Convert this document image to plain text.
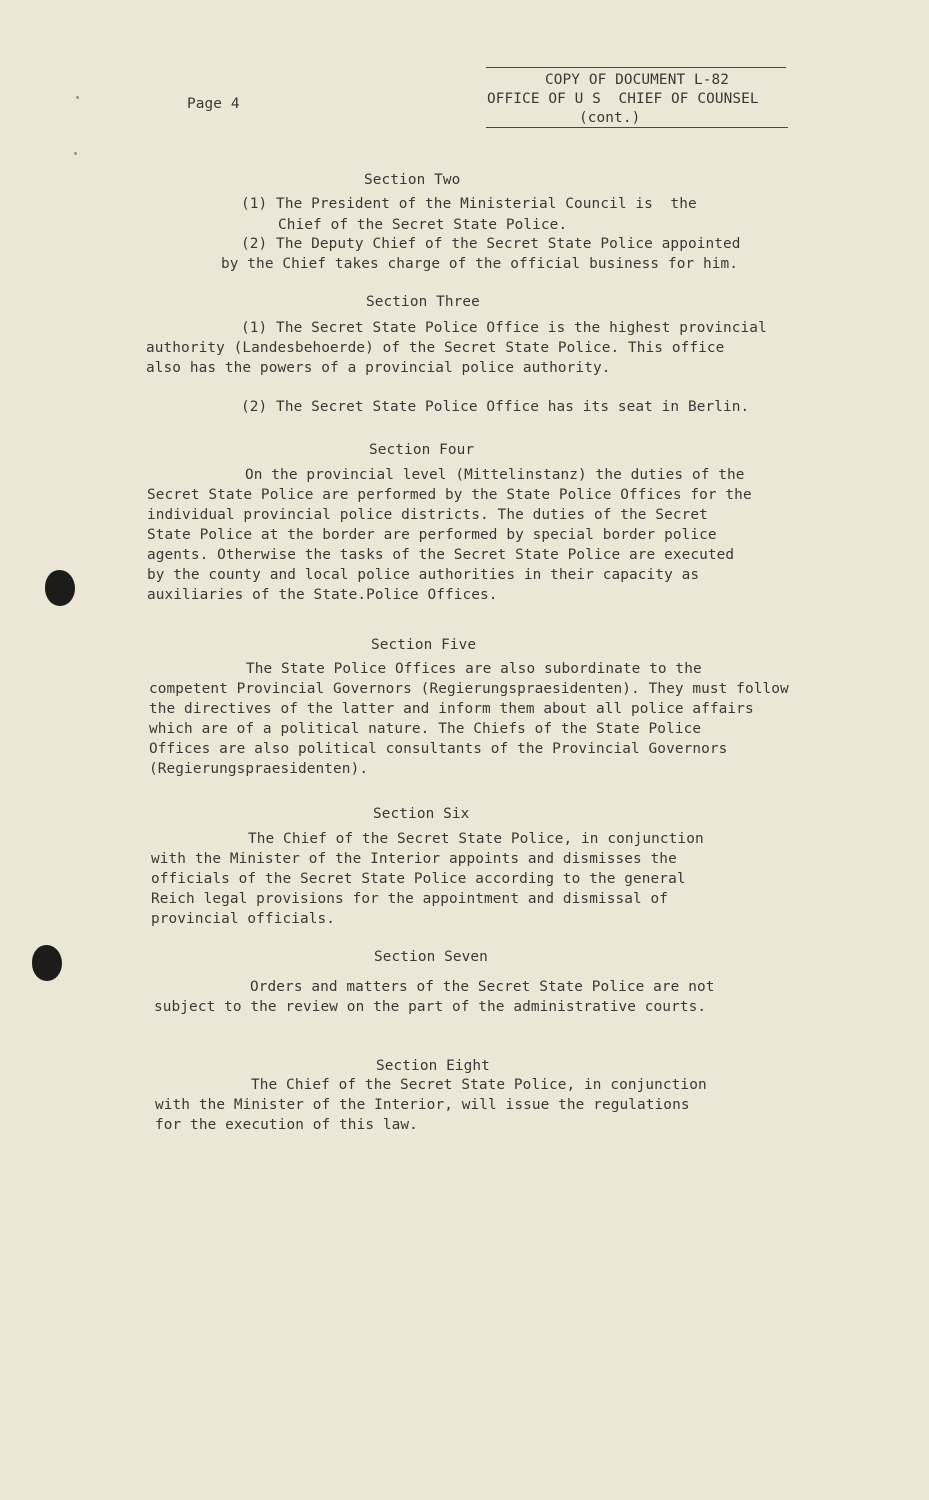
Page 4
COPY OF DOCUMENT L-82
OFFICE OF U S  CHIEF OF COUNSEL
(cont.)
Section Two
(1) The President of the Ministerial Council is  the
Chief of the Secret State Police.
(2) The Deputy Chief of the Secret State Police appointed
by the Chief takes charge of the official business for him.
Section Three
(1) The Secret State Police Office is the highest provincial
authority (Landesbehoerde) of the Secret State Police. This office
also has the powers of a provincial police authority.
(2) The Secret State Police Office has its seat in Berlin.
Section Four
On the provincial level (Mittelinstanz) the duties of the
Secret State Police are performed by the State Police Offices for the
individual provincial police districts. The duties of the Secret
State Police at the border are performed by special border police
agents. Otherwise the tasks of the Secret State Police are executed
by the county and local police authorities in their capacity as
auxiliaries of the State.Police Offices.
Section Five
The State Police Offices are also subordinate to the
competent Provincial Governors (Regierungspraesidenten). They must follow
the directives of the latter and inform them about all police affairs
which are of a political nature. The Chiefs of the State Police
Offices are also political consultants of the Provincial Governors
(Regierungspraesidenten).
Section Six
The Chief of the Secret State Police, in conjunction
with the Minister of the Interior appoints and dismisses the
officials of the Secret State Police according to the general
Reich legal provisions for the appointment and dismissal of
provincial officials.
Section Seven
Orders and matters of the Secret State Police are not
subject to the review on the part of the administrative courts.
Section Eight
The Chief of the Secret State Police, in conjunction
with the Minister of the Interior, will issue the regulations
for the execution of this law.
